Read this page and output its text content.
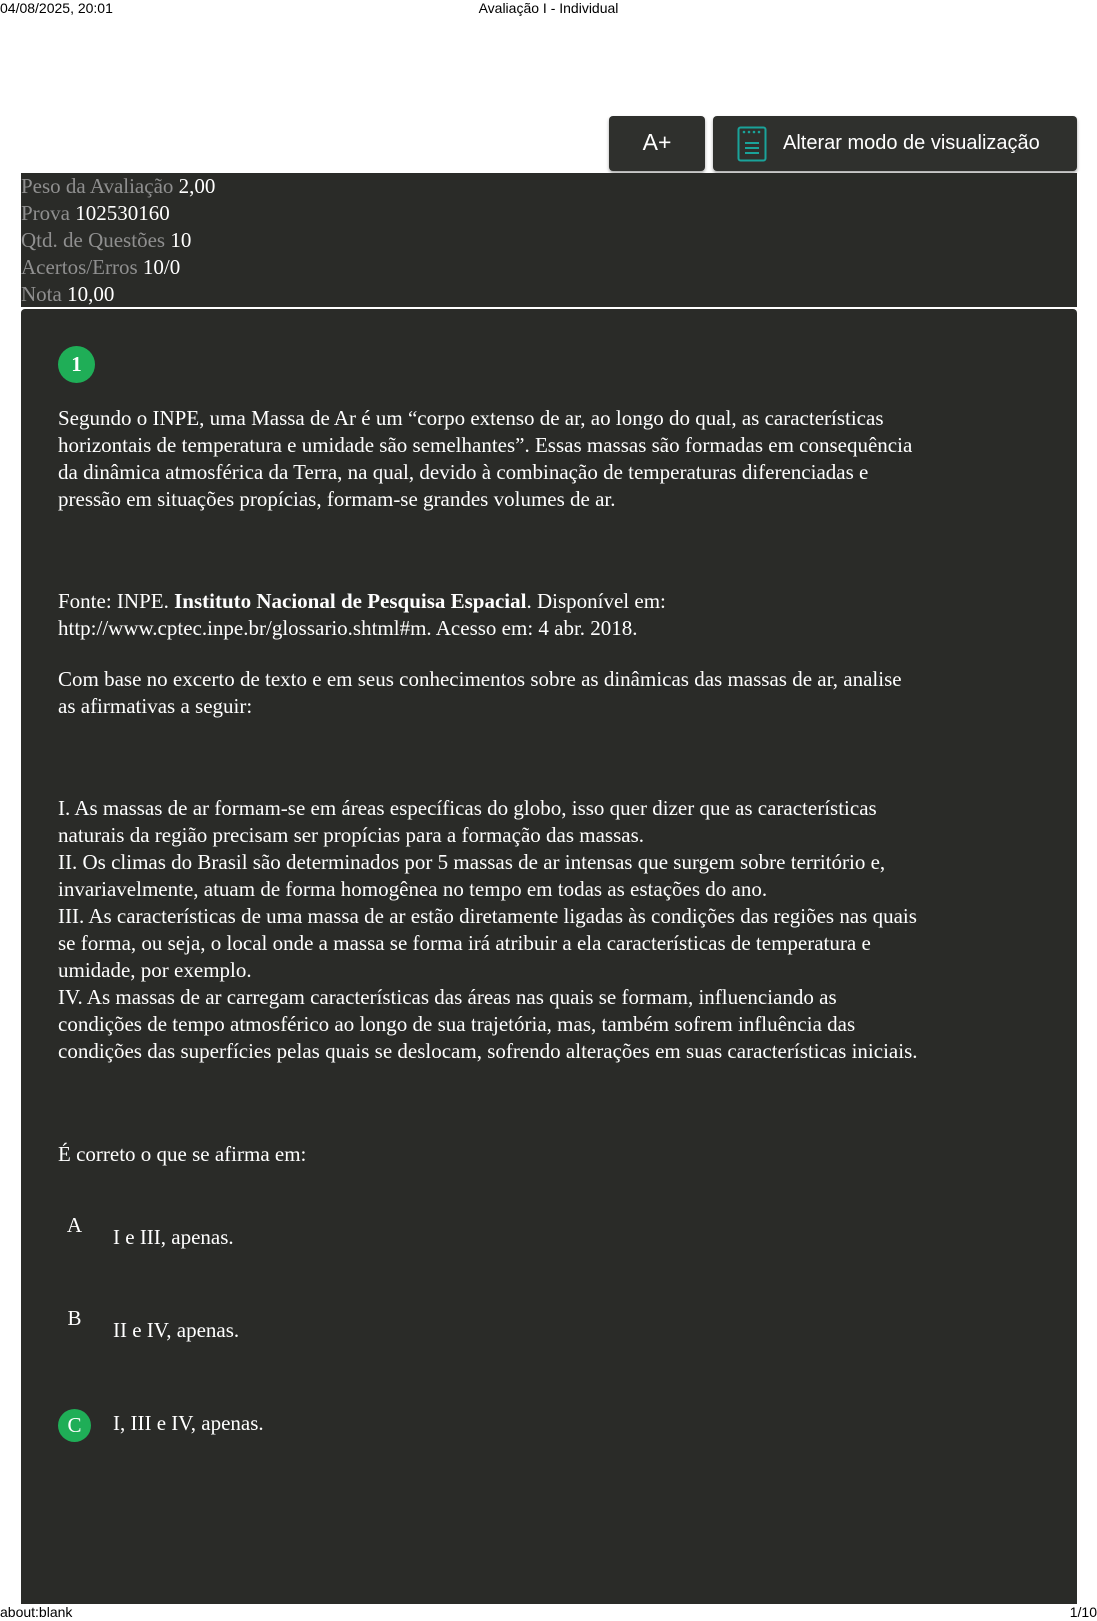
04/08/2025, 20:01	Avaliação I - Individual
A+	Alterar modo de visualização
Peso da Avaliação 2,00
Prova 102530160
Qtd. de Questões 10
Acertos/Erros 10/0
Nota 10,00
1
Segundo o INPE, uma Massa de Ar é um “corpo extenso de ar, ao longo do qual, as características
horizontais de temperatura e umidade são semelhantes”. Essas massas são formadas em consequência
da dinâmica atmosférica da Terra, na qual, devido à combinação de temperaturas diferenciadas e
pressão em situações propícias, formam-se grandes volumes de ar.
Fonte: INPE. Instituto Nacional de Pesquisa Espacial. Disponível em:
http://www.cptec.inpe.br/glossario.shtml#m. Acesso em: 4 abr. 2018.
Com base no excerto de texto e em seus conhecimentos sobre as dinâmicas das massas de ar, analise
as afirmativas a seguir:
I. As massas de ar formam-se em áreas específicas do globo, isso quer dizer que as características
naturais da região precisam ser propícias para a formação das massas.
II. Os climas do Brasil são determinados por 5 massas de ar intensas que surgem sobre território e,
invariavelmente, atuam de forma homogênea no tempo em todas as estações do ano.
III. As características de uma massa de ar estão diretamente ligadas às condições das regiões nas quais
se forma, ou seja, o local onde a massa se forma irá atribuir a ela características de temperatura e
umidade, por exemplo.
IV. As massas de ar carregam características das áreas nas quais se formam, influenciando as
condições de tempo atmosférico ao longo de sua trajetória, mas, também sofrem influência das
condições das superfícies pelas quais se deslocam, sofrendo alterações em suas características iniciais.
É correto o que se afirma em:
A	I e III, apenas.
B	II e IV, apenas.
C	I, III e IV, apenas.
about:blank	1/10
